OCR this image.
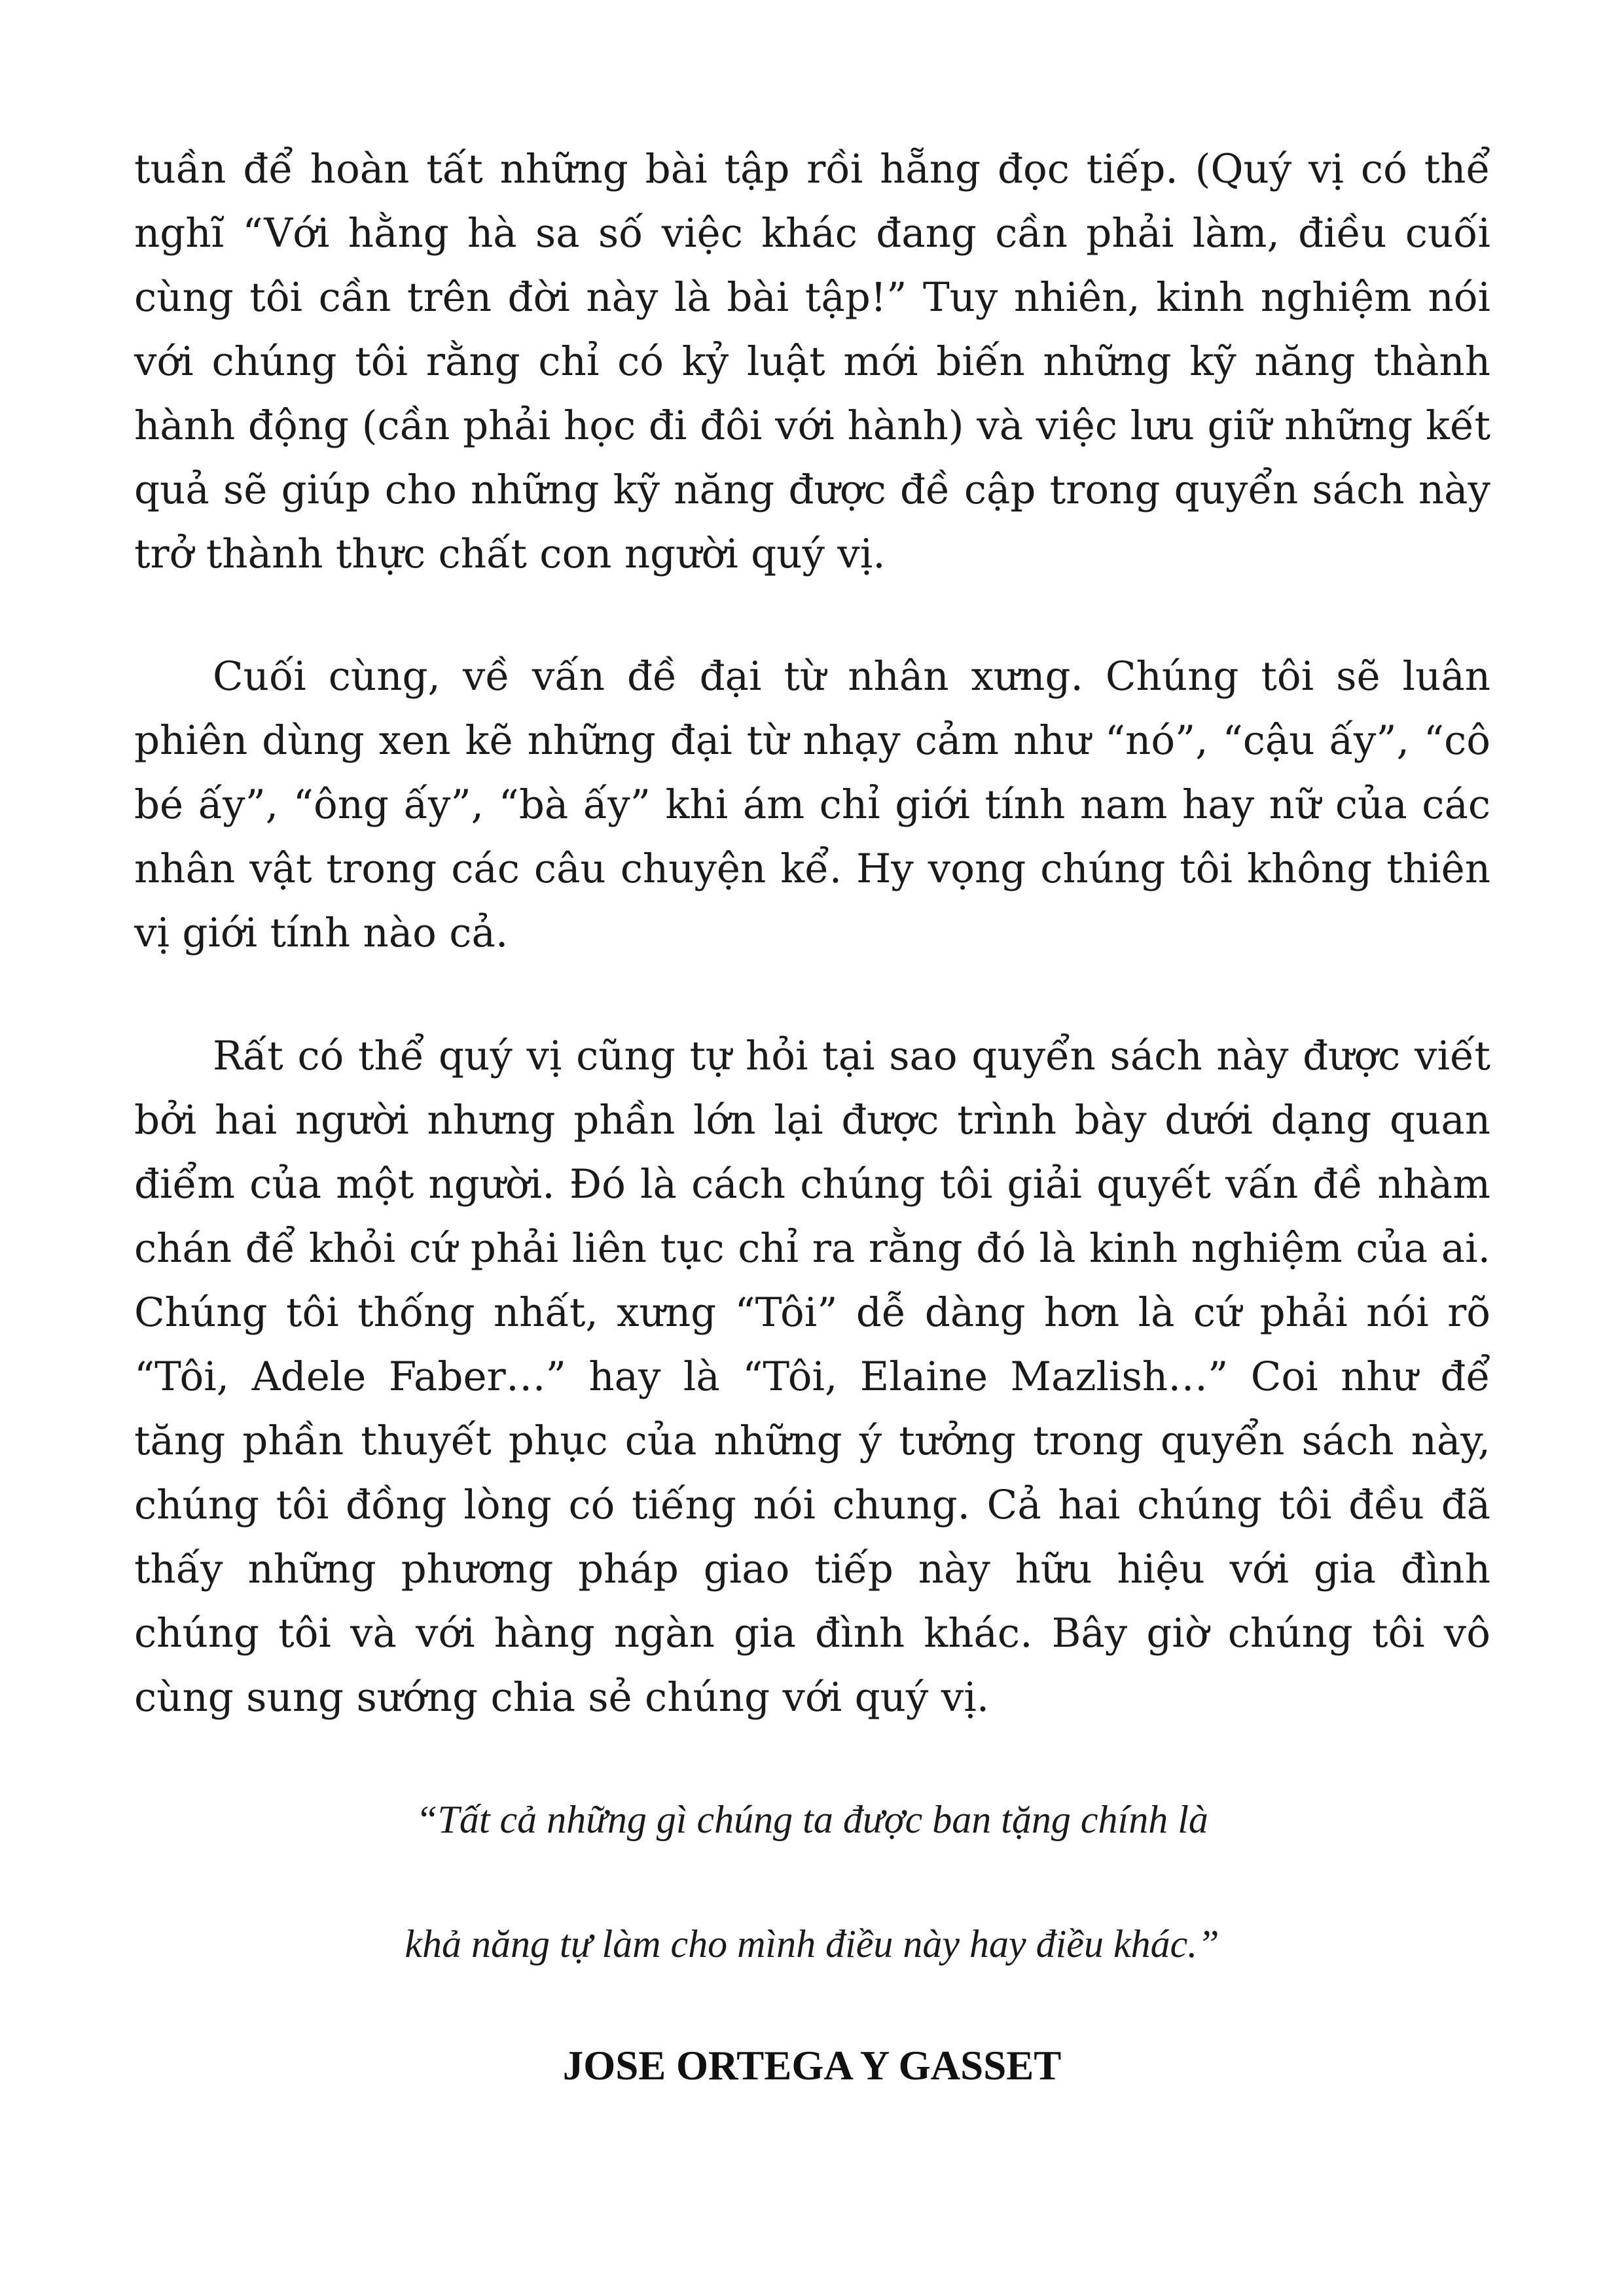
tuần để hoàn tất những bài tập rồi hẵng đọc tiếp. (Quý vị có thể nghĩ “Với hằng hà sa số việc khác đang cần phải làm, điều cuối cùng tôi cần trên đời này là bài tập!” Tuy nhiên, kinh nghiệm nói với chúng tôi rằng chỉ có kỷ luật mới biến những kỹ năng thành hành động (cần phải học đi đôi với hành) và việc lưu giữ những kết quả sẽ giúp cho những kỹ năng được đề cập trong quyển sách này trở thành thực chất con người quý vị.

Cuối cùng, về vấn đề đại từ nhân xưng. Chúng tôi sẽ luân phiên dùng xen kẽ những đại từ nhạy cảm như “nó”, “cậu ấy”, “cô bé ấy”, “ông ấy”, “bà ấy” khi ám chỉ giới tính nam hay nữ của các nhân vật trong các câu chuyện kể. Hy vọng chúng tôi không thiên vị giới tính nào cả.

Rất có thể quý vị cũng tự hỏi tại sao quyển sách này được viết bởi hai người nhưng phần lớn lại được trình bày dưới dạng quan điểm của một người. Đó là cách chúng tôi giải quyết vấn đề nhàm chán để khỏi cứ phải liên tục chỉ ra rằng đó là kinh nghiệm của ai. Chúng tôi thống nhất, xưng “Tôi” dễ dàng hơn là cứ phải nói rõ “Tôi, Adele Faber…” hay là “Tôi, Elaine Mazlish…” Coi như để tăng phần thuyết phục của những ý tưởng trong quyển sách này, chúng tôi đồng lòng có tiếng nói chung. Cả hai chúng tôi đều đã thấy những phương pháp giao tiếp này hữu hiệu với gia đình chúng tôi và với hàng ngàn gia đình khác. Bây giờ chúng tôi vô cùng sung sướng chia sẻ chúng với quý vị.

“Tất cả những gì chúng ta được ban tặng chính là

khả năng tự làm cho mình điều này hay điều khác.”

JOSE ORTEGA Y GASSET
